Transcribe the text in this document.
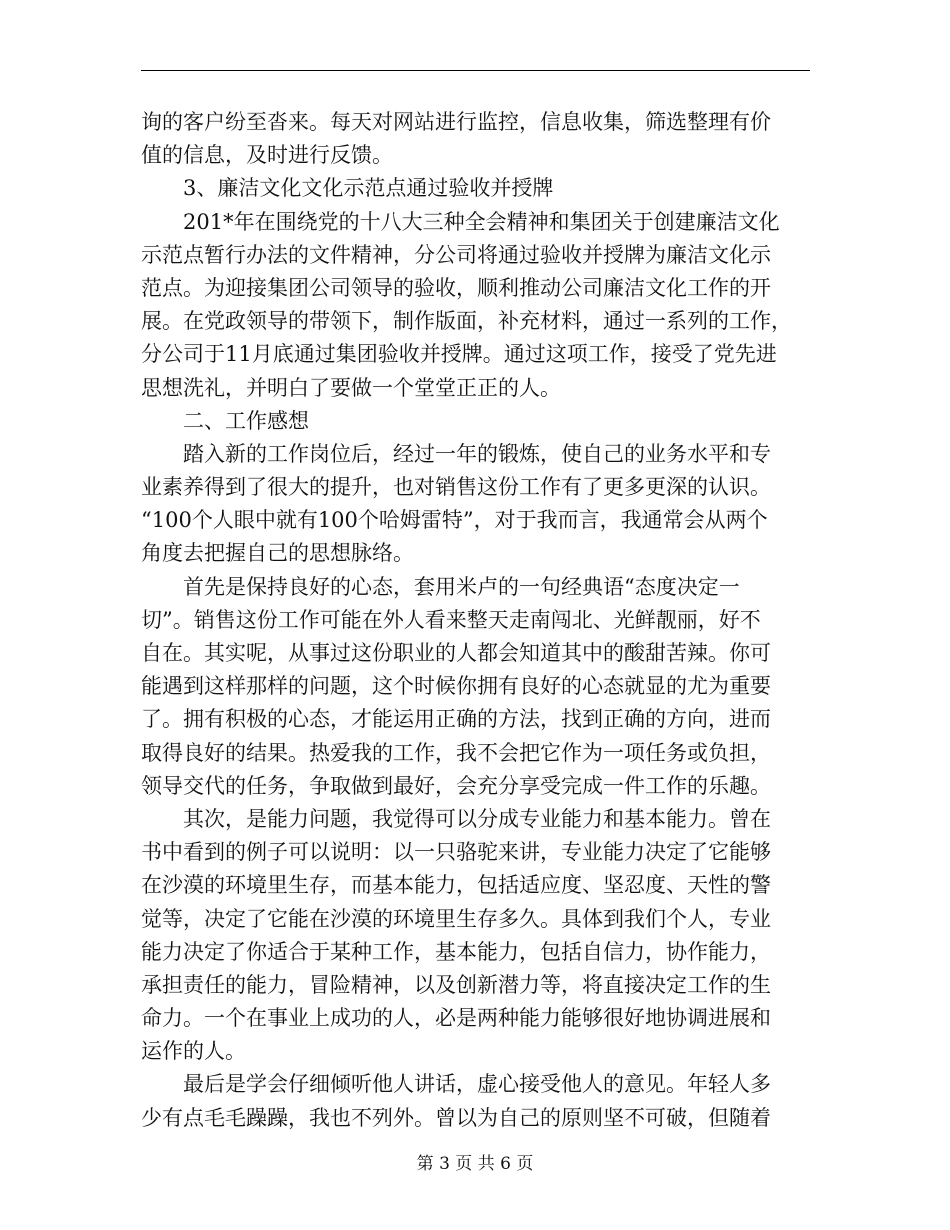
询的客户纷至沓来。每天对网站进行监控，信息收集，筛选整理有价
值的信息，及时进行反馈。
3、廉洁文化文化示范点通过验收并授牌
201*年在围绕党的十八大三种全会精神和集团关于创建廉洁文化
示范点暂行办法的文件精神，分公司将通过验收并授牌为廉洁文化示
范点。为迎接集团公司领导的验收，顺利推动公司廉洁文化工作的开
展。在党政领导的带领下，制作版面，补充材料，通过一系列的工作，
分公司于11月底通过集团验收并授牌。通过这项工作，接受了党先进
思想洗礼，并明白了要做一个堂堂正正的人。
二、工作感想
踏入新的工作岗位后，经过一年的锻炼，使自己的业务水平和专
业素养得到了很大的提升，也对销售这份工作有了更多更深的认识。
“100个人眼中就有100个哈姆雷特”，对于我而言，我通常会从两个
角度去把握自己的思想脉络。
首先是保持良好的心态，套用米卢的一句经典语“态度决定一
切”。销售这份工作可能在外人看来整天走南闯北、光鲜靓丽，好不
自在。其实呢，从事过这份职业的人都会知道其中的酸甜苦辣。你可
能遇到这样那样的问题，这个时候你拥有良好的心态就显的尤为重要
了。拥有积极的心态，才能运用正确的方法，找到正确的方向，进而
取得良好的结果。热爱我的工作，我不会把它作为一项任务或负担，
领导交代的任务，争取做到最好，会充分享受完成一件工作的乐趣。
其次，是能力问题，我觉得可以分成专业能力和基本能力。曾在
书中看到的例子可以说明：以一只骆驼来讲，专业能力决定了它能够
在沙漠的环境里生存，而基本能力，包括适应度、坚忍度、天性的警
觉等，决定了它能在沙漠的环境里生存多久。具体到我们个人，专业
能力决定了你适合于某种工作，基本能力，包括自信力，协作能力，
承担责任的能力，冒险精神，以及创新潜力等，将直接决定工作的生
命力。一个在事业上成功的人，必是两种能力能够很好地协调进展和
运作的人。
最后是学会仔细倾听他人讲话，虚心接受他人的意见。年轻人多
少有点毛毛躁躁，我也不列外。曾以为自己的原则坚不可破，但随着
第 3 页 共 6 页
